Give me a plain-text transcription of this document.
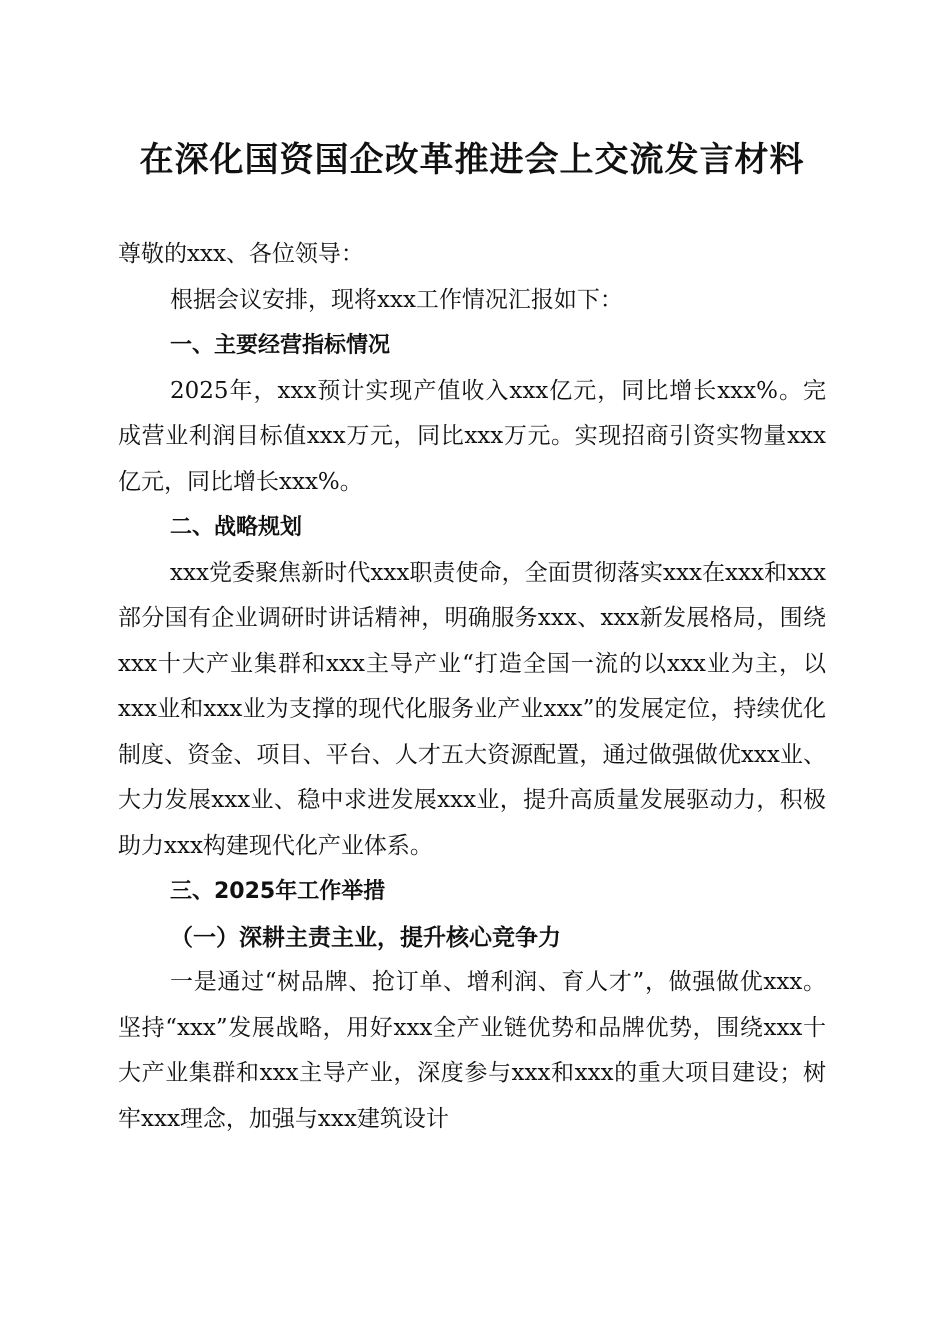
在深化国资国企改革推进会上交流发言材料

尊敬的xxx、各位领导：

根据会议安排，现将xxx工作情况汇报如下：

一、主要经营指标情况

2025年，xxx预计实现产值收入xxx亿元，同比增长xxx%。完成营业利润目标值xxx万元，同比xxx万元。实现招商引资实物量xxx亿元，同比增长xxx%。

二、战略规划

xxx党委聚焦新时代xxx职责使命，全面贯彻落实xxx在xxx和xxx部分国有企业调研时讲话精神，明确服务xxx、xxx新发展格局，围绕xxx十大产业集群和xxx主导产业“打造全国一流的以xxx业为主，以xxx业和xxx业为支撑的现代化服务业产业xxx”的发展定位，持续优化制度、资金、项目、平台、人才五大资源配置，通过做强做优xxx业、大力发展xxx业、稳中求进发展xxx业，提升高质量发展驱动力，积极助力xxx构建现代化产业体系。

三、2025年工作举措

（一）深耕主责主业，提升核心竞争力

一是通过“树品牌、抢订单、增利润、育人才”，做强做优xxx。坚持“xxx”发展战略，用好xxx全产业链优势和品牌优势，围绕xxx十大产业集群和xxx主导产业，深度参与xxx和xxx的重大项目建设；树牢xxx理念，加强与xxx建筑设计
